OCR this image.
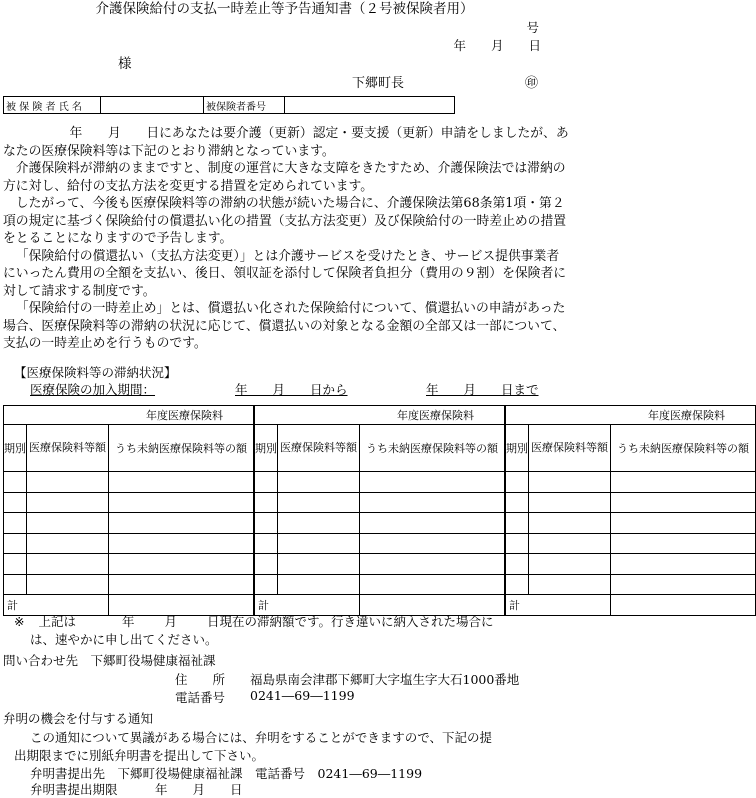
介護保険給付の支払一時差止等予告通知書（２号被保険者用）
号
年　　月　　日
様
下郷町長	㊞
被 保 険 者 氏 名		被保険者番号	

　　年　　月　　日にあなたは要介護（更新）認定・要支援（更新）申請をしましたが、あなたの医療保険料等は下記のとおり滞納となっています。

介護保険料が滞納のままですと、制度の運営に大きな支障をきたすため、介護保険法では滞納の方に対し、給付の支払方法を変更する措置を定められています。

したがって、今後も医療保険料等の滞納の状態が続いた場合に、介護保険法第68条第1項・第２項の規定に基づく保険給付の償還払い化の措置（支払方法変更）及び保険給付の一時差止めの措置をとることになりますので予告します。

「保険給付の償還払い（支払方法変更）」とは介護サービスを受けたとき、サービス提供事業者にいったん費用の全額を支払い、後日、領収証を添付して保険者負担分（費用の９割）を保険者に対して請求する制度です。

「保険給付の一時差止め」とは、償還払い化された保険給付について、償還払いの申請があった場合、医療保険料等の滞納の状況に応じて、償還払いの対象となる金額の全部又は一部について、支払の一時差止めを行うものです。

【医療保険料等の滞納状況】
医療保険の加入期間：	年　　月　　日から	年　　月　　日まで
年度医療保険料			年度医療保険料			年度医療保険料		
期別	医療保険料等額	うち未納医療保険料等の額		期別	医療保険料等額	うち未納医療保険料等の額		期別	医療保険料等額	うち未納医療保険料等の額

計				計				計		
※ 上記は	年 月 日現在の滞納額です。行き違いに納入された場合に
は、速やかに申し出てください。
問い合わせ先　下郷町役場健康福祉課
住　　所 福島県南会津郡下郷町大字塩生字大石1000番地
電話番号 0241―69―1199
弁明の機会を付与する通知
この通知について異議がある場合には、弁明をすることができますので、下記の提
出期限までに別紙弁明書を提出して下さい。
弁明書提出先　下郷町役場健康福祉課　電話番号　0241―69―1199
弁明書提出期限　　　年　　月　　日
